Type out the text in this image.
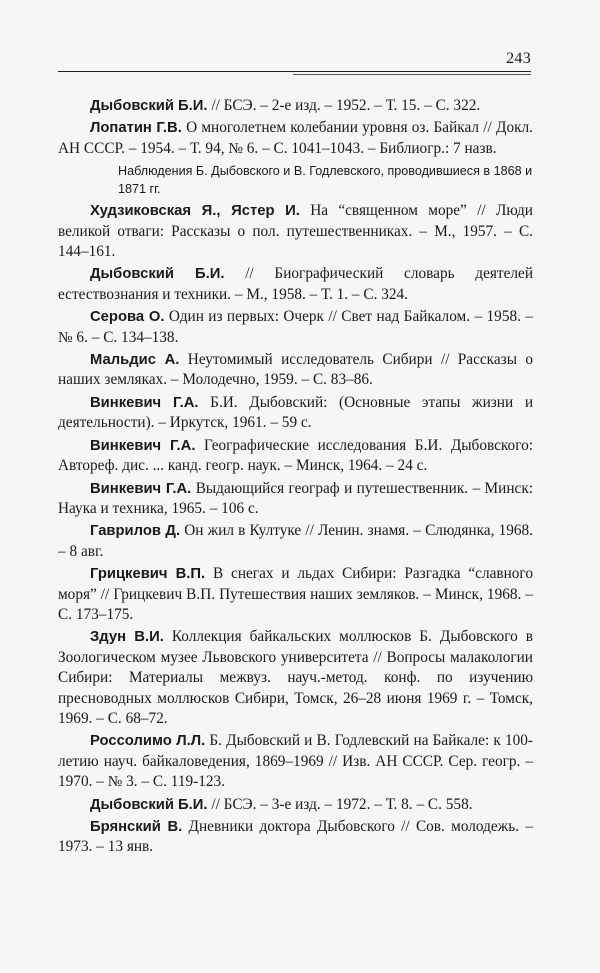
243

Дыбовский Б.И. // БСЭ. – 2-е изд. – 1952. – Т. 15. – С. 322.

Лопатин Г.В. О многолетнем колебании уровня оз. Байкал // Докл. АН СССР. – 1954. – Т. 94, № 6. – С. 1041–1043. – Библиогр.: 7 назв.

Наблюдения Б. Дыбовского и В. Годлевского, проводившиеся в 1868 и 1871 гг.

Худзиковская Я., Ястер И. На “священном море” // Люди великой отваги: Рассказы о пол. путешественниках. – М., 1957. – С. 144–161.

Дыбовский Б.И. // Биографический словарь деятелей естествознания и техники. – М., 1958. – Т. 1. – С. 324.

Серова О. Один из первых: Очерк // Свет над Байкалом. – 1958. – № 6. – С. 134–138.

Мальдис А. Неутомимый исследователь Сибири // Рассказы о наших земляках. – Молодечно, 1959. – С. 83–86.

Винкевич Г.А. Б.И. Дыбовский: (Основные этапы жизни и деятельности). – Иркутск, 1961. – 59 с.

Винкевич Г.А. Географические исследования Б.И. Дыбовского: Автореф. дис. ... канд. геогр. наук. – Минск, 1964. – 24 с.

Винкевич Г.А. Выдающийся географ и путешественник. – Минск: Наука и техника, 1965. – 106 с.

Гаврилов Д. Он жил в Култуке // Ленин. знамя. – Слюдянка, 1968. – 8 авг.

Грицкевич В.П. В снегах и льдах Сибири: Разгадка “славного моря” // Грицкевич В.П. Путешествия наших земляков. – Минск, 1968. – С. 173–175.

Здун В.И. Коллекция байкальских моллюсков Б. Дыбовского в Зоологическом музее Львовского университета // Вопросы малакологии Сибири: Материалы межвуз. науч.-метод. конф. по изучению пресноводных моллюсков Сибири, Томск, 26–28 июня 1969 г. – Томск, 1969. – С. 68–72.

Россолимо Л.Л. Б. Дыбовский и В. Годлевский на Байкале: к 100-летию науч. байкаловедения, 1869–1969 // Изв. АН СССР. Сер. геогр. – 1970. – № 3. – С. 119-123.

Дыбовский Б.И. // БСЭ. – 3-е изд. – 1972. – Т. 8. – С. 558.

Брянский В. Дневники доктора Дыбовского // Сов. молодежь. – 1973. – 13 янв.
